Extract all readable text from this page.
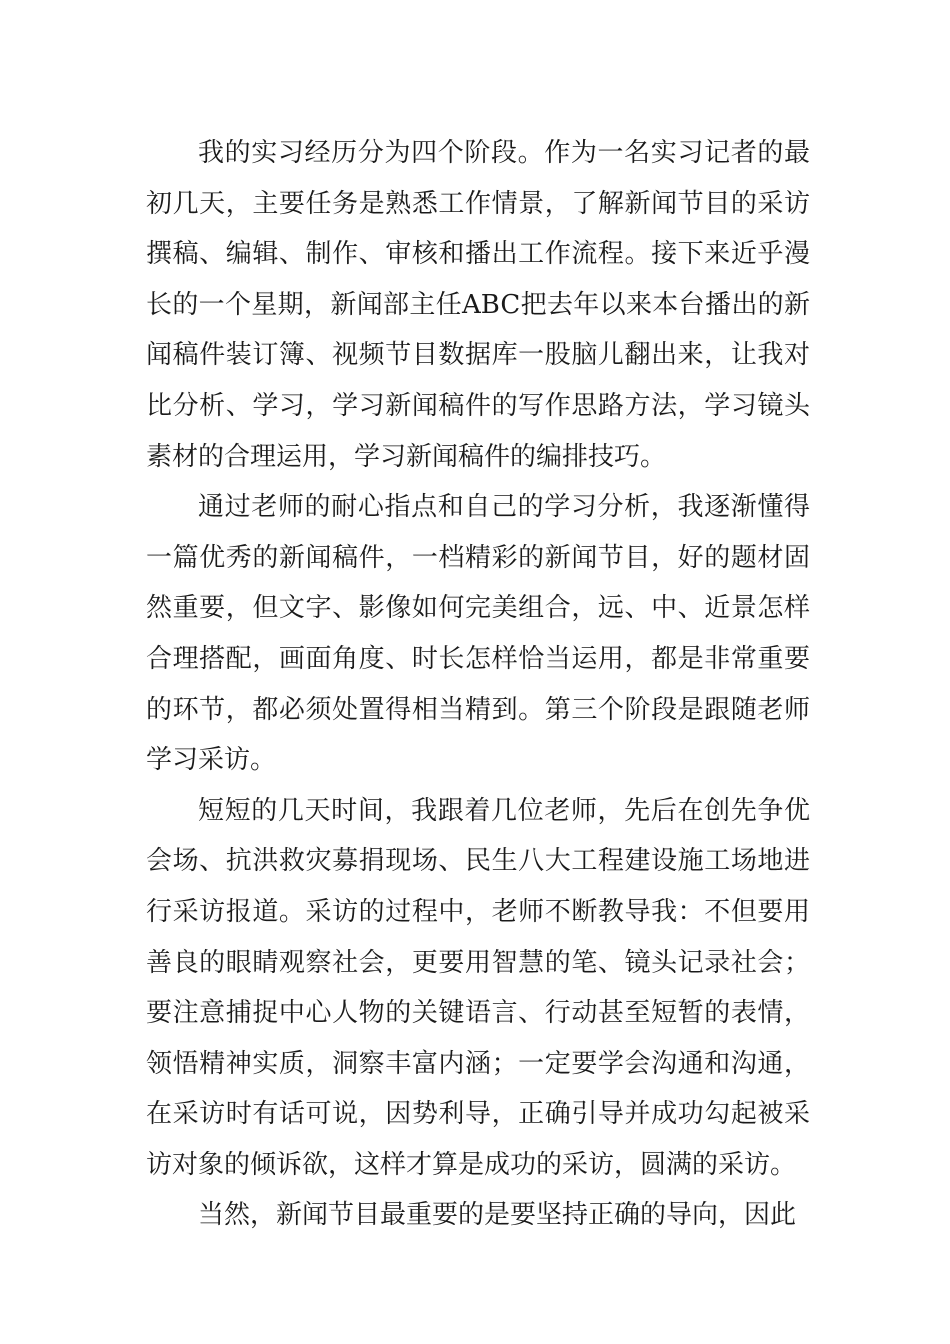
我的实习经历分为四个阶段。作为一名实习记者的最初几天，主要任务是熟悉工作情景，了解新闻节目的采访撰稿、编辑、制作、审核和播出工作流程。接下来近乎漫长的一个星期，新闻部主任ABC把去年以来本台播出的新闻稿件装订簿、视频节目数据库一股脑儿翻出来，让我对比分析、学习，学习新闻稿件的写作思路方法，学习镜头素材的合理运用，学习新闻稿件的编排技巧。

通过老师的耐心指点和自己的学习分析，我逐渐懂得一篇优秀的新闻稿件，一档精彩的新闻节目，好的题材固然重要，但文字、影像如何完美组合，远、中、近景怎样合理搭配，画面角度、时长怎样恰当运用，都是非常重要的环节，都必须处置得相当精到。第三个阶段是跟随老师学习采访。

短短的几天时间，我跟着几位老师，先后在创先争优会场、抗洪救灾募捐现场、民生八大工程建设施工场地进行采访报道。采访的过程中，老师不断教导我：不但要用善良的眼睛观察社会，更要用智慧的笔、镜头记录社会；要注意捕捉中心人物的关键语言、行动甚至短暂的表情，领悟精神实质，洞察丰富内涵；一定要学会沟通和沟通，在采访时有话可说，因势利导，正确引导并成功勾起被采访对象的倾诉欲，这样才算是成功的采访，圆满的采访。

当然，新闻节目最重要的是要坚持正确的导向，因此
